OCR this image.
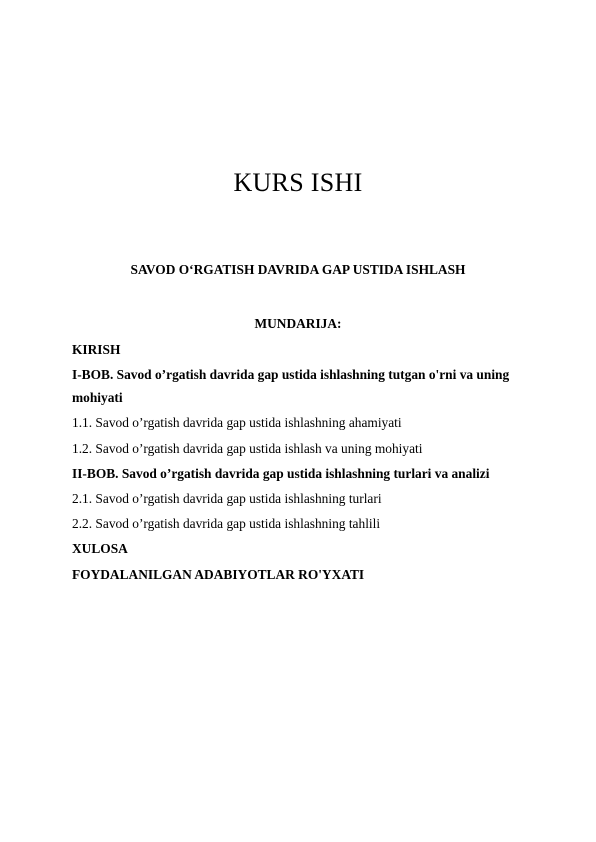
KURS ISHI
SAVOD O‘RGATISH DAVRIDA GAP USTIDA ISHLASH
MUNDARIJA:
KIRISH
I-BOB. Savod o’rgatish davrida gap ustida ishlashning tutgan o'rni va uning mohiyati
1.1. Savod o’rgatish davrida gap ustida ishlashning ahamiyati
1.2. Savod o’rgatish davrida gap ustida ishlash va uning mohiyati
II-BOB. Savod o’rgatish davrida gap ustida ishlashning turlari va analizi
2.1. Savod o’rgatish davrida gap ustida ishlashning turlari
2.2. Savod o’rgatish davrida gap ustida ishlashning tahlili
XULOSA
FOYDALANILGAN ADABIYOTLAR RO'YXATI
